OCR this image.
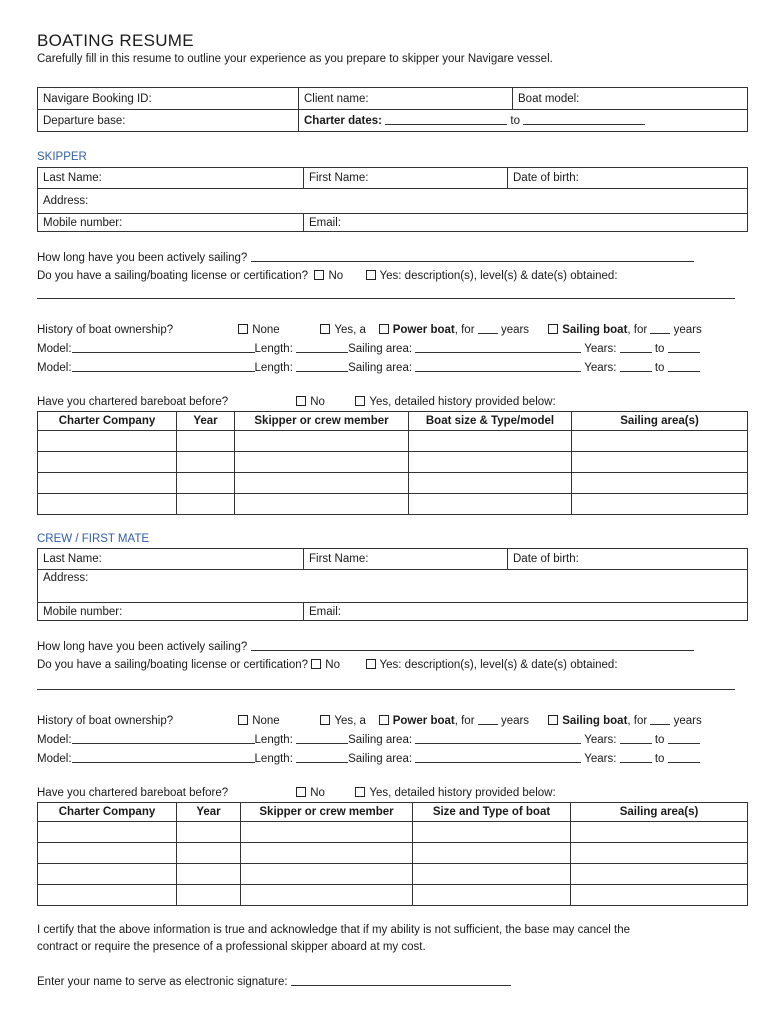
BOATING RESUME
Carefully fill in this resume to outline your experience as you prepare to skipper your Navigare vessel.
Navigare Booking ID:	Client name:	Boat model:
Departure base:	Charter dates: to	
SKIPPER
Last Name:	First Name:	Date of birth:
Address:		
Mobile number:	Email:	
How long have you been actively sailing?
Do you have a sailing/boating license or certification? No	Yes: description(s), level(s) & date(s) obtained:
History of boat ownership?	None	Yes, a Power boat, for years	Sailing boat, for years
Model:	Length:	Sailing area:	Years:	to
Model:	Length:	Sailing area:	Years:	to
Have you chartered bareboat before?	No	Yes, detailed history provided below:
Charter Company	Year	Skipper or crew member	Boat size & Type/model	Sailing area(s)

CREW / FIRST MATE
Last Name:	First Name:	Date of birth:
Address:		
Mobile number:	Email:	
How long have you been actively sailing?
Do you have a sailing/boating license or certification? No	Yes: description(s), level(s) & date(s) obtained:
History of boat ownership?	None	Yes, a Power boat, for years	Sailing boat, for years
Model:	Length:	Sailing area:	Years:	to
Model:	Length:	Sailing area:	Years:	to
Have you chartered bareboat before?	No	Yes, detailed history provided below:
Charter Company	Year	Skipper or crew member	Size and Type of boat	Sailing area(s)

I certify that the above information is true and acknowledge that if my ability is not sufficient, the base may cancel the
contract or require the presence of a professional skipper aboard at my cost.
Enter your name to serve as electronic signature:
